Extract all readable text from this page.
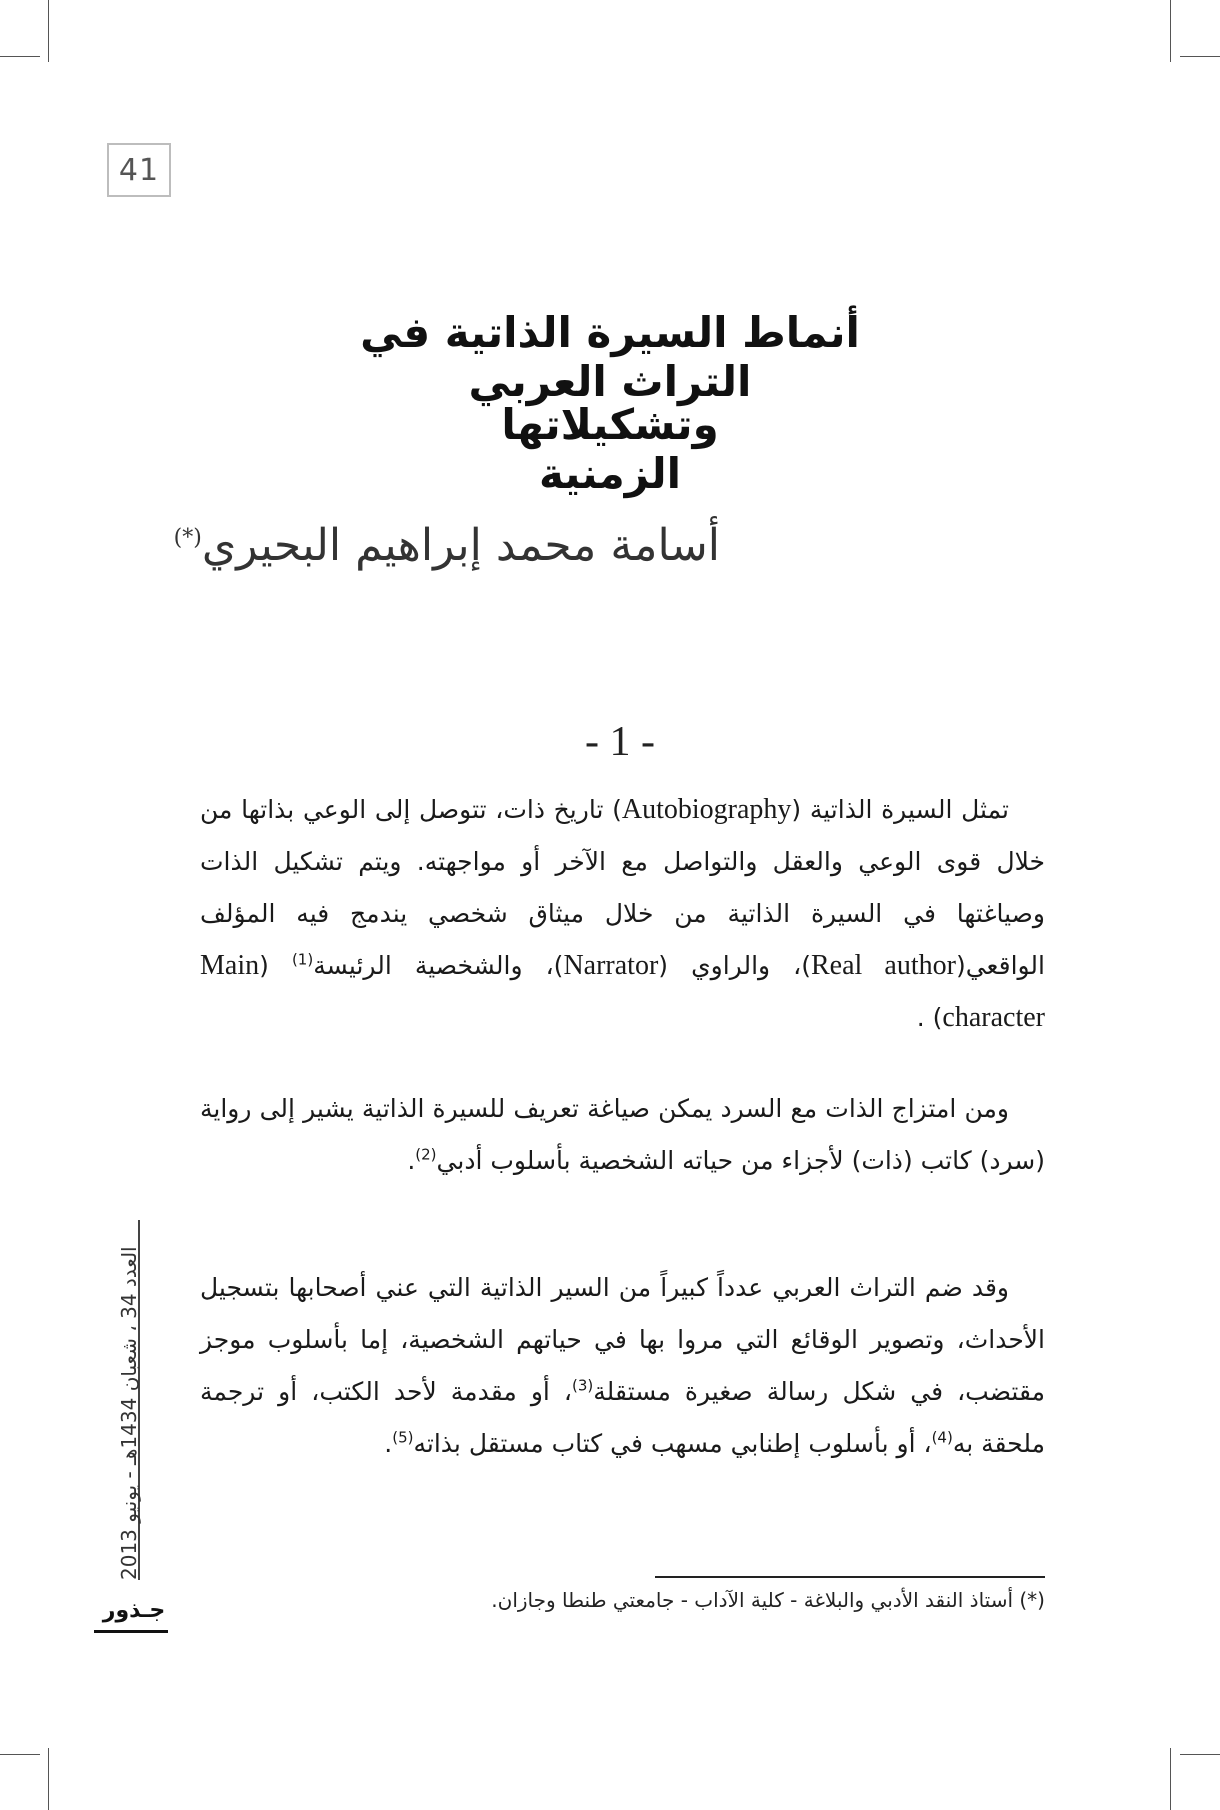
41
أنماط السيرة الذاتية في التراث العربي
وتشكيلاتها الزمنية
أسامة محمد إبراهيم البحيري(*)
- 1 -

تمثل السيرة الذاتية (Autobiography) تاريخ ذات، تتوصل إلى الوعي بذاتها من خلال قوى الوعي والعقل والتواصل مع الآخر أو مواجهته. ويتم تشكيل الذات وصياغتها في السيرة الذاتية من خلال ميثاق شخصي يندمج فيه المؤلف الواقعي(Real author)، والراوي (Narrator)، والشخصية الرئيسة$^{(1)}$ (Main character) .

ومن امتزاج الذات مع السرد يمكن صياغة تعريف للسيرة الذاتية يشير إلى رواية (سرد) كاتب (ذات) لأجزاء من حياته الشخصية بأسلوب أدبي$^{(2)}$.

وقد ضم التراث العربي عدداً كبيراً من السير الذاتية التي عني أصحابها بتسجيل الأحداث، وتصوير الوقائع التي مروا بها في حياتهم الشخصية، إما بأسلوب موجز مقتضب، في شكل رسالة صغيرة مستقلة$^{(3)}$، أو مقدمة لأحد الكتب، أو ترجمة ملحقة به$^{(4)}$، أو بأسلوب إطنابي مسهب في كتاب مستقل بذاته$^{(5)}$.

(*) أستاذ النقد الأدبي والبلاغة - كلية الآداب - جامعتي طنطا وجازان.
العدد 34 ، شعبان 1434هـ - يونيو 2013
جـذور
